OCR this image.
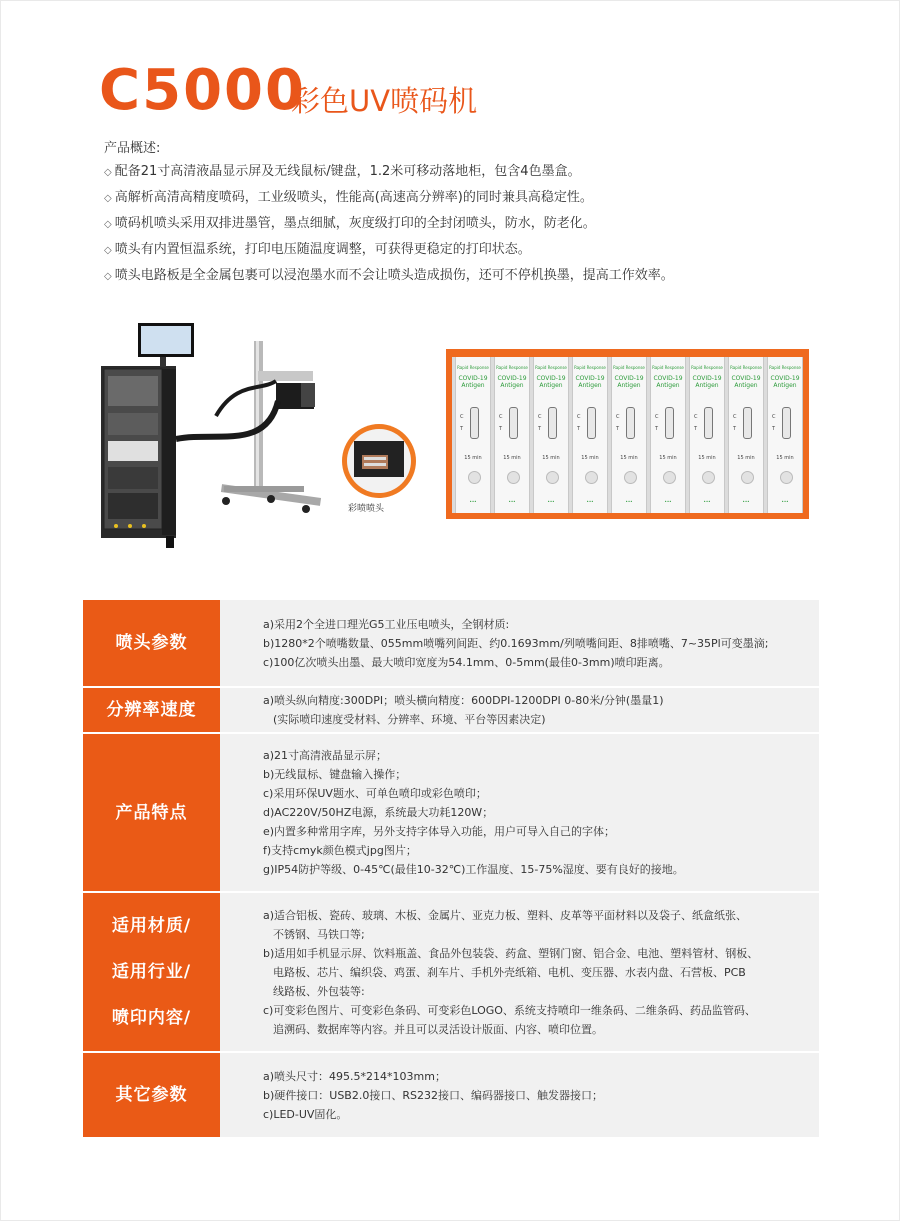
C5000
彩色UV喷码机
产品概述:
◇ 配备21寸高清液晶显示屏及无线鼠标/键盘，1.2米可移动落地柜，包含4色墨盒。
◇ 高解析高清高精度喷码，工业级喷头，性能高(高速高分辨率)的同时兼具高稳定性。
◇ 喷码机喷头采用双排进墨管，墨点细腻，灰度级打印的全封闭喷头，防水，防老化。
◇ 喷头有内置恒温系统，打印电压随温度调整，可获得更稳定的打印状态。
◇ 喷头电路板是全金属包裹可以浸泡墨水而不会让喷头造成损伤，还可不停机换墨，提高工作效率。
彩喷喷头
Rapid Response
COVID-19
Antigen
C
T
15 min
•••
Rapid Response
COVID-19
Antigen
C
T
15 min
•••
Rapid Response
COVID-19
Antigen
C
T
15 min
•••
Rapid Response
COVID-19
Antigen
C
T
15 min
•••
Rapid Response
COVID-19
Antigen
C
T
15 min
•••
Rapid Response
COVID-19
Antigen
C
T
15 min
•••
Rapid Response
COVID-19
Antigen
C
T
15 min
•••
Rapid Response
COVID-19
Antigen
C
T
15 min
•••
Rapid Response
COVID-19
Antigen
C
T
15 min
•••
喷头参数
a)采用2个全进口理光G5工业压电喷头，全钢材质:
b)1280*2个喷嘴数量、055mm喷嘴列间距、约0.1693mm/列喷嘴间距、8排喷嘴、7~35Pl可变墨滴;
c)100亿次喷头出墨、最大喷印宽度为54.1mm、0-5mm(最佳0-3mm)喷印距离。
分辨率速度	a)喷头纵向精度:300DPI；喷头横向精度：600DPI-1200DPI 0-80米/分钟(墨量1)
(实际喷印速度受材料、分辨率、环境、平台等因素决定)
产品特点
a)21寸高清液晶显示屏；
b)无线鼠标、键盘输入操作；
c)采用环保UV题水、可单色喷印或彩色喷印；
d)AC220V/50HZ电源，系统最大功耗120W；
e)内置多种常用字库，另外支持字体导入功能，用户可导入自己的字体；
f)支持cmyk颜色模式jpg图片；
g)IP54防护等级、0-45℃(最佳10-32℃)工作温度、15-75%湿度、要有良好的接地。
适用材质/
适用行业/
喷印内容/
a)适合铝板、瓷砖、玻璃、木板、金属片、亚克力板、塑料、皮革等平面材料以及袋子、纸盒纸张、
不锈钢、马铁口等;
b)适用如手机显示屏、饮料瓶盖、食品外包装袋、药盒、塑钢门窗、铝合金、电池、塑料管材、钢板、
电路板、芯片、编织袋、鸡蛋、刹车片、手机外壳纸箱、电机、变压器、水表内盘、石营板、PCB
线路板、外包装等:
c)可变彩色图片、可变彩色条码、可变彩色LOGO、系统支持喷印一维条码、二维条码、药品监管码、
追溯码、数据库等内容。并且可以灵活设计版面、内容、喷印位置。
其它参数
a)喷头尺寸：495.5*214*103mm；
b)硬件接口：USB2.0接口、RS232接口、编码器接口、触发器接口；
c)LED-UV固化。
